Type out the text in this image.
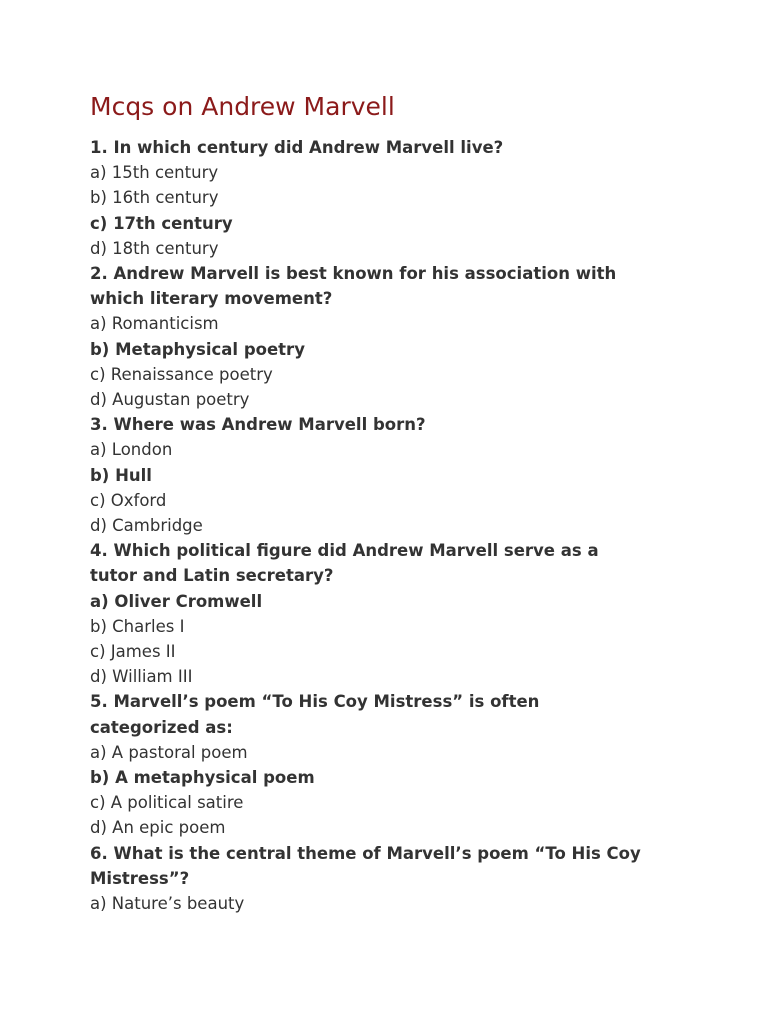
Mcqs on Andrew Marvell
1. In which century did Andrew Marvell live?
a) 15th century
b) 16th century
c) 17th century
d) 18th century
2. Andrew Marvell is best known for his association with
which literary movement?
a) Romanticism
b) Metaphysical poetry
c) Renaissance poetry
d) Augustan poetry
3. Where was Andrew Marvell born?
a) London
b) Hull
c) Oxford
d) Cambridge
4. Which political figure did Andrew Marvell serve as a
tutor and Latin secretary?
a) Oliver Cromwell
b) Charles I
c) James II
d) William III
5. Marvell’s poem “To His Coy Mistress” is often
categorized as:
a) A pastoral poem
b) A metaphysical poem
c) A political satire
d) An epic poem
6. What is the central theme of Marvell’s poem “To His Coy
Mistress”?
a) Nature’s beauty
